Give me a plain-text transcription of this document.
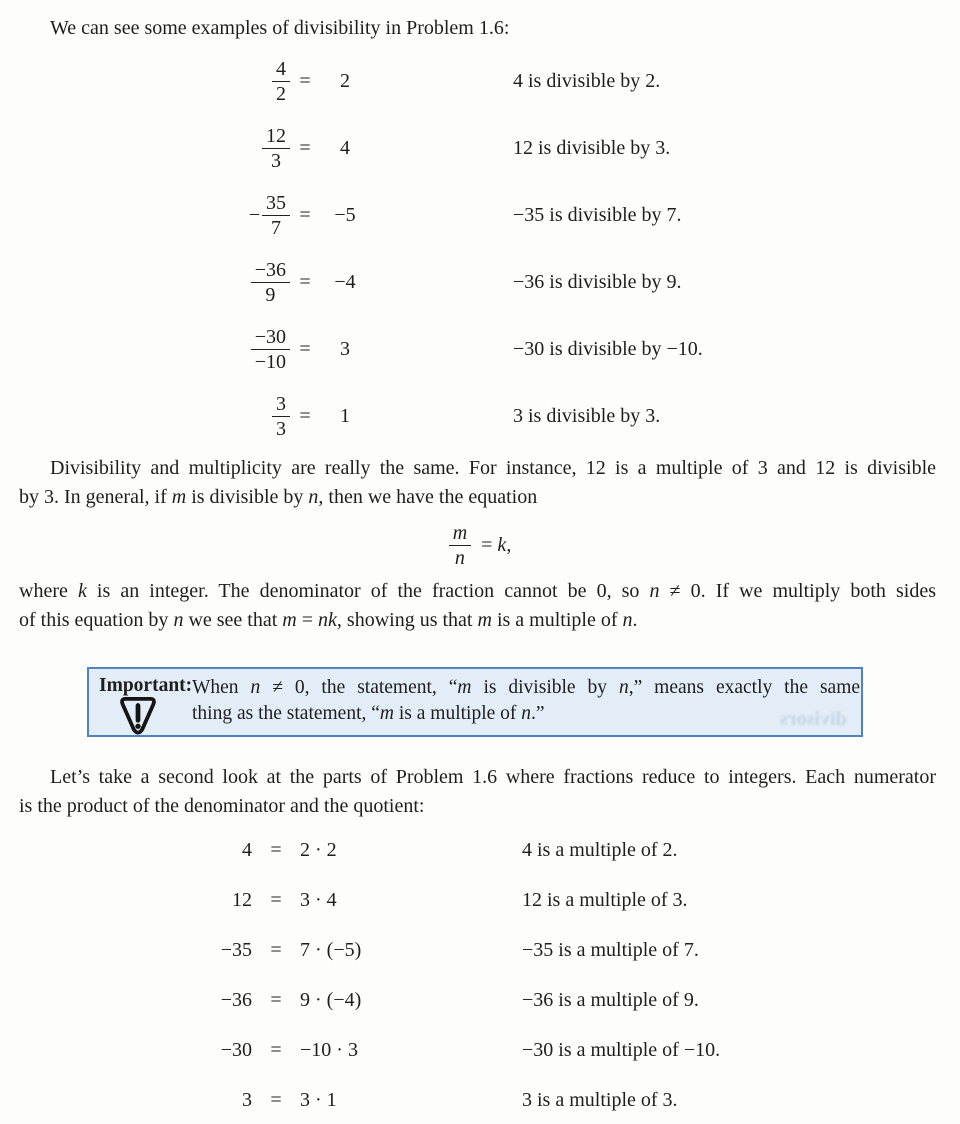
We can see some examples of divisibility in Problem 1.6:
$\frac{4}{2}$ =	2	4 is divisible by 2.
$\frac{12}{3}$ =	4	12 is divisible by 3.
− $\frac{35}{7}$ =	−5	−35 is divisible by 7.
$\frac{-36}{9}$ =	−4	−36 is divisible by 9.
$\frac{-30}{-10}$ =	3	−30 is divisible by −10.
$\frac{3}{3}$ =	1	3 is divisible by 3.
Divisibility and multiplicity are really the same. For instance, 12 is a multiple of 3 and 12 is divisible
by 3. In general, if m is divisible by n, then we have the equation
$\frac{m}{n} = k$,
where k is an integer. The denominator of the fraction cannot be 0, so n ≠ 0. If we multiply both sides
of this equation by n we see that m = nk, showing us that m is a multiple of n.
Important: When n ≠ 0, the statement, “m is divisible by n,” means exactly the same
thing as the statement, “m is a multiple of n.”	divisors
Let’s take a second look at the parts of Problem 1.6 where fractions reduce to integers. Each numerator
is the product of the denominator and the quotient:
4 = 2 · 2	4 is a multiple of 2.
12 = 3 · 4	12 is a multiple of 3.
−35 = 7 · (−5)	−35 is a multiple of 7.
−36 = 9 · (−4)	−36 is a multiple of 9.
−30 = −10 · 3	−30 is a multiple of −10.
3 = 3 · 1	3 is a multiple of 3.
